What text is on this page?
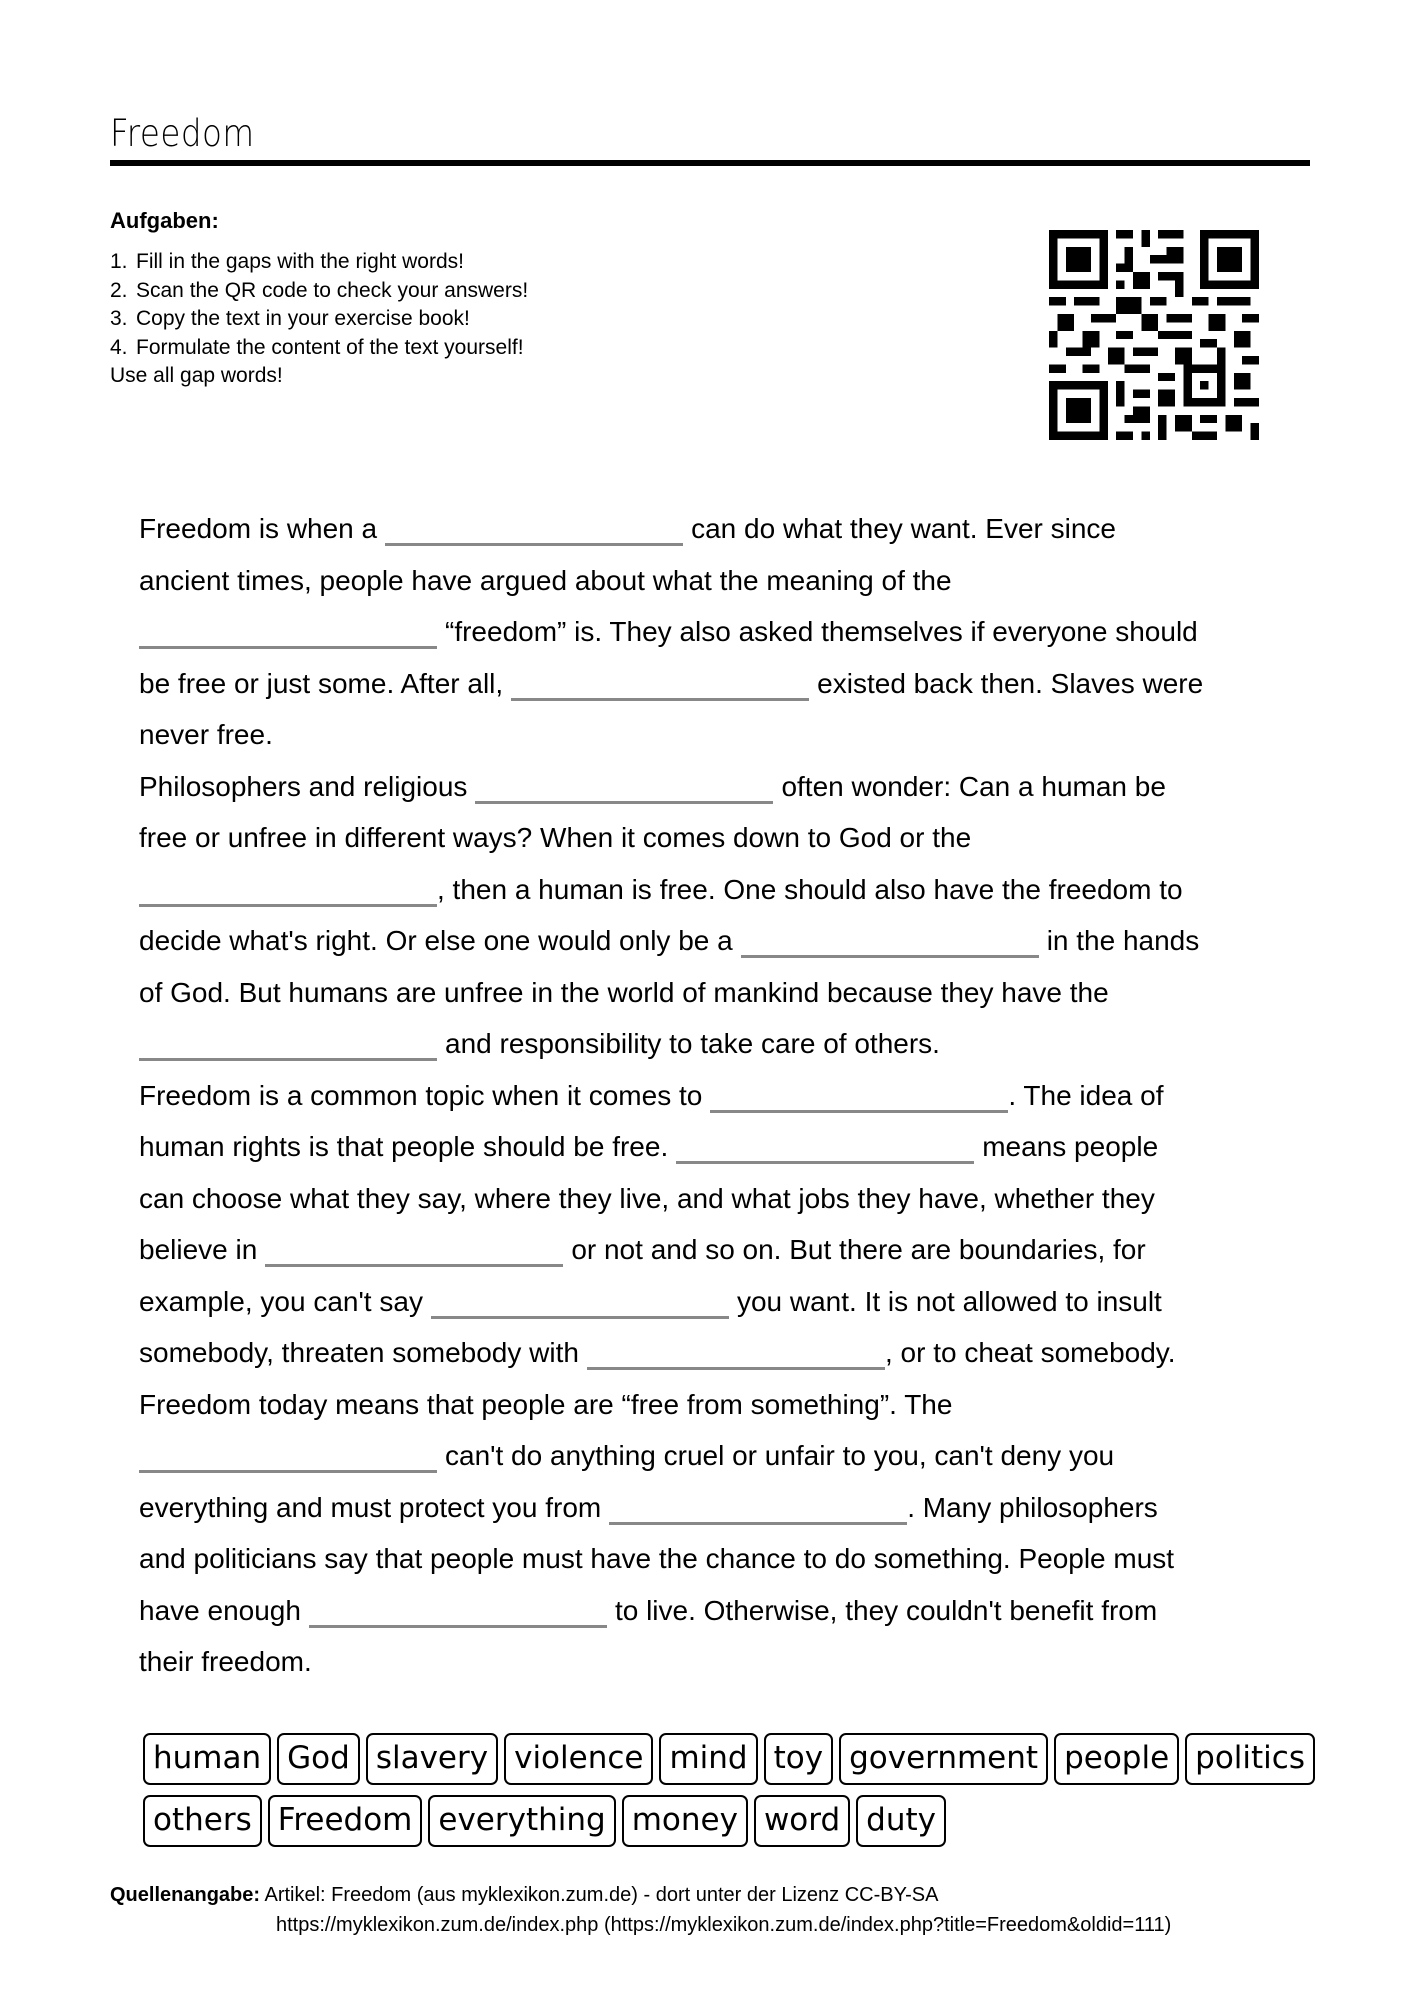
Freedom
Aufgaben:
1. Fill in the gaps with the right words!
2. Scan the QR code to check your answers!
3. Copy the text in your exercise book!
4. Formulate the content of the text yourself!
Use all gap words!
Freedom is when a	can do what they want. Ever since
ancient times, people have argued about what the meaning of the
“freedom” is. They also asked themselves if everyone should
be free or just some. After all,	existed back then. Slaves were
never free.
Philosophers and religious	often wonder: Can a human be
free or unfree in different ways? When it comes down to God or the
, then a human is free. One should also have the freedom to
decide what's right. Or else one would only be a	in the hands
of God. But humans are unfree in the world of mankind because they have the
and responsibility to take care of others.
Freedom is a common topic when it comes to	. The idea of
human rights is that people should be free.	means people
can choose what they say, where they live, and what jobs they have, whether they
believe in	or not and so on. But there are boundaries, for
example, you can't say	you want. It is not allowed to insult
somebody, threaten somebody with	, or to cheat somebody.
Freedom today means that people are “free from something”. The
can't do anything cruel or unfair to you, can't deny you
everything and must protect you from	. Many philosophers
and politicians say that people must have the chance to do something. People must
have enough	to live. Otherwise, they couldn't benefit from
their freedom.
human God slavery violence mind toy government people politics
others Freedom everything money word duty
Quellenangabe: Artikel: Freedom (aus myklexikon.zum.de) - dort unter der Lizenz CC-BY-SA
https://myklexikon.zum.de/index.php (https://myklexikon.zum.de/index.php?title=Freedom&oldid=111)
